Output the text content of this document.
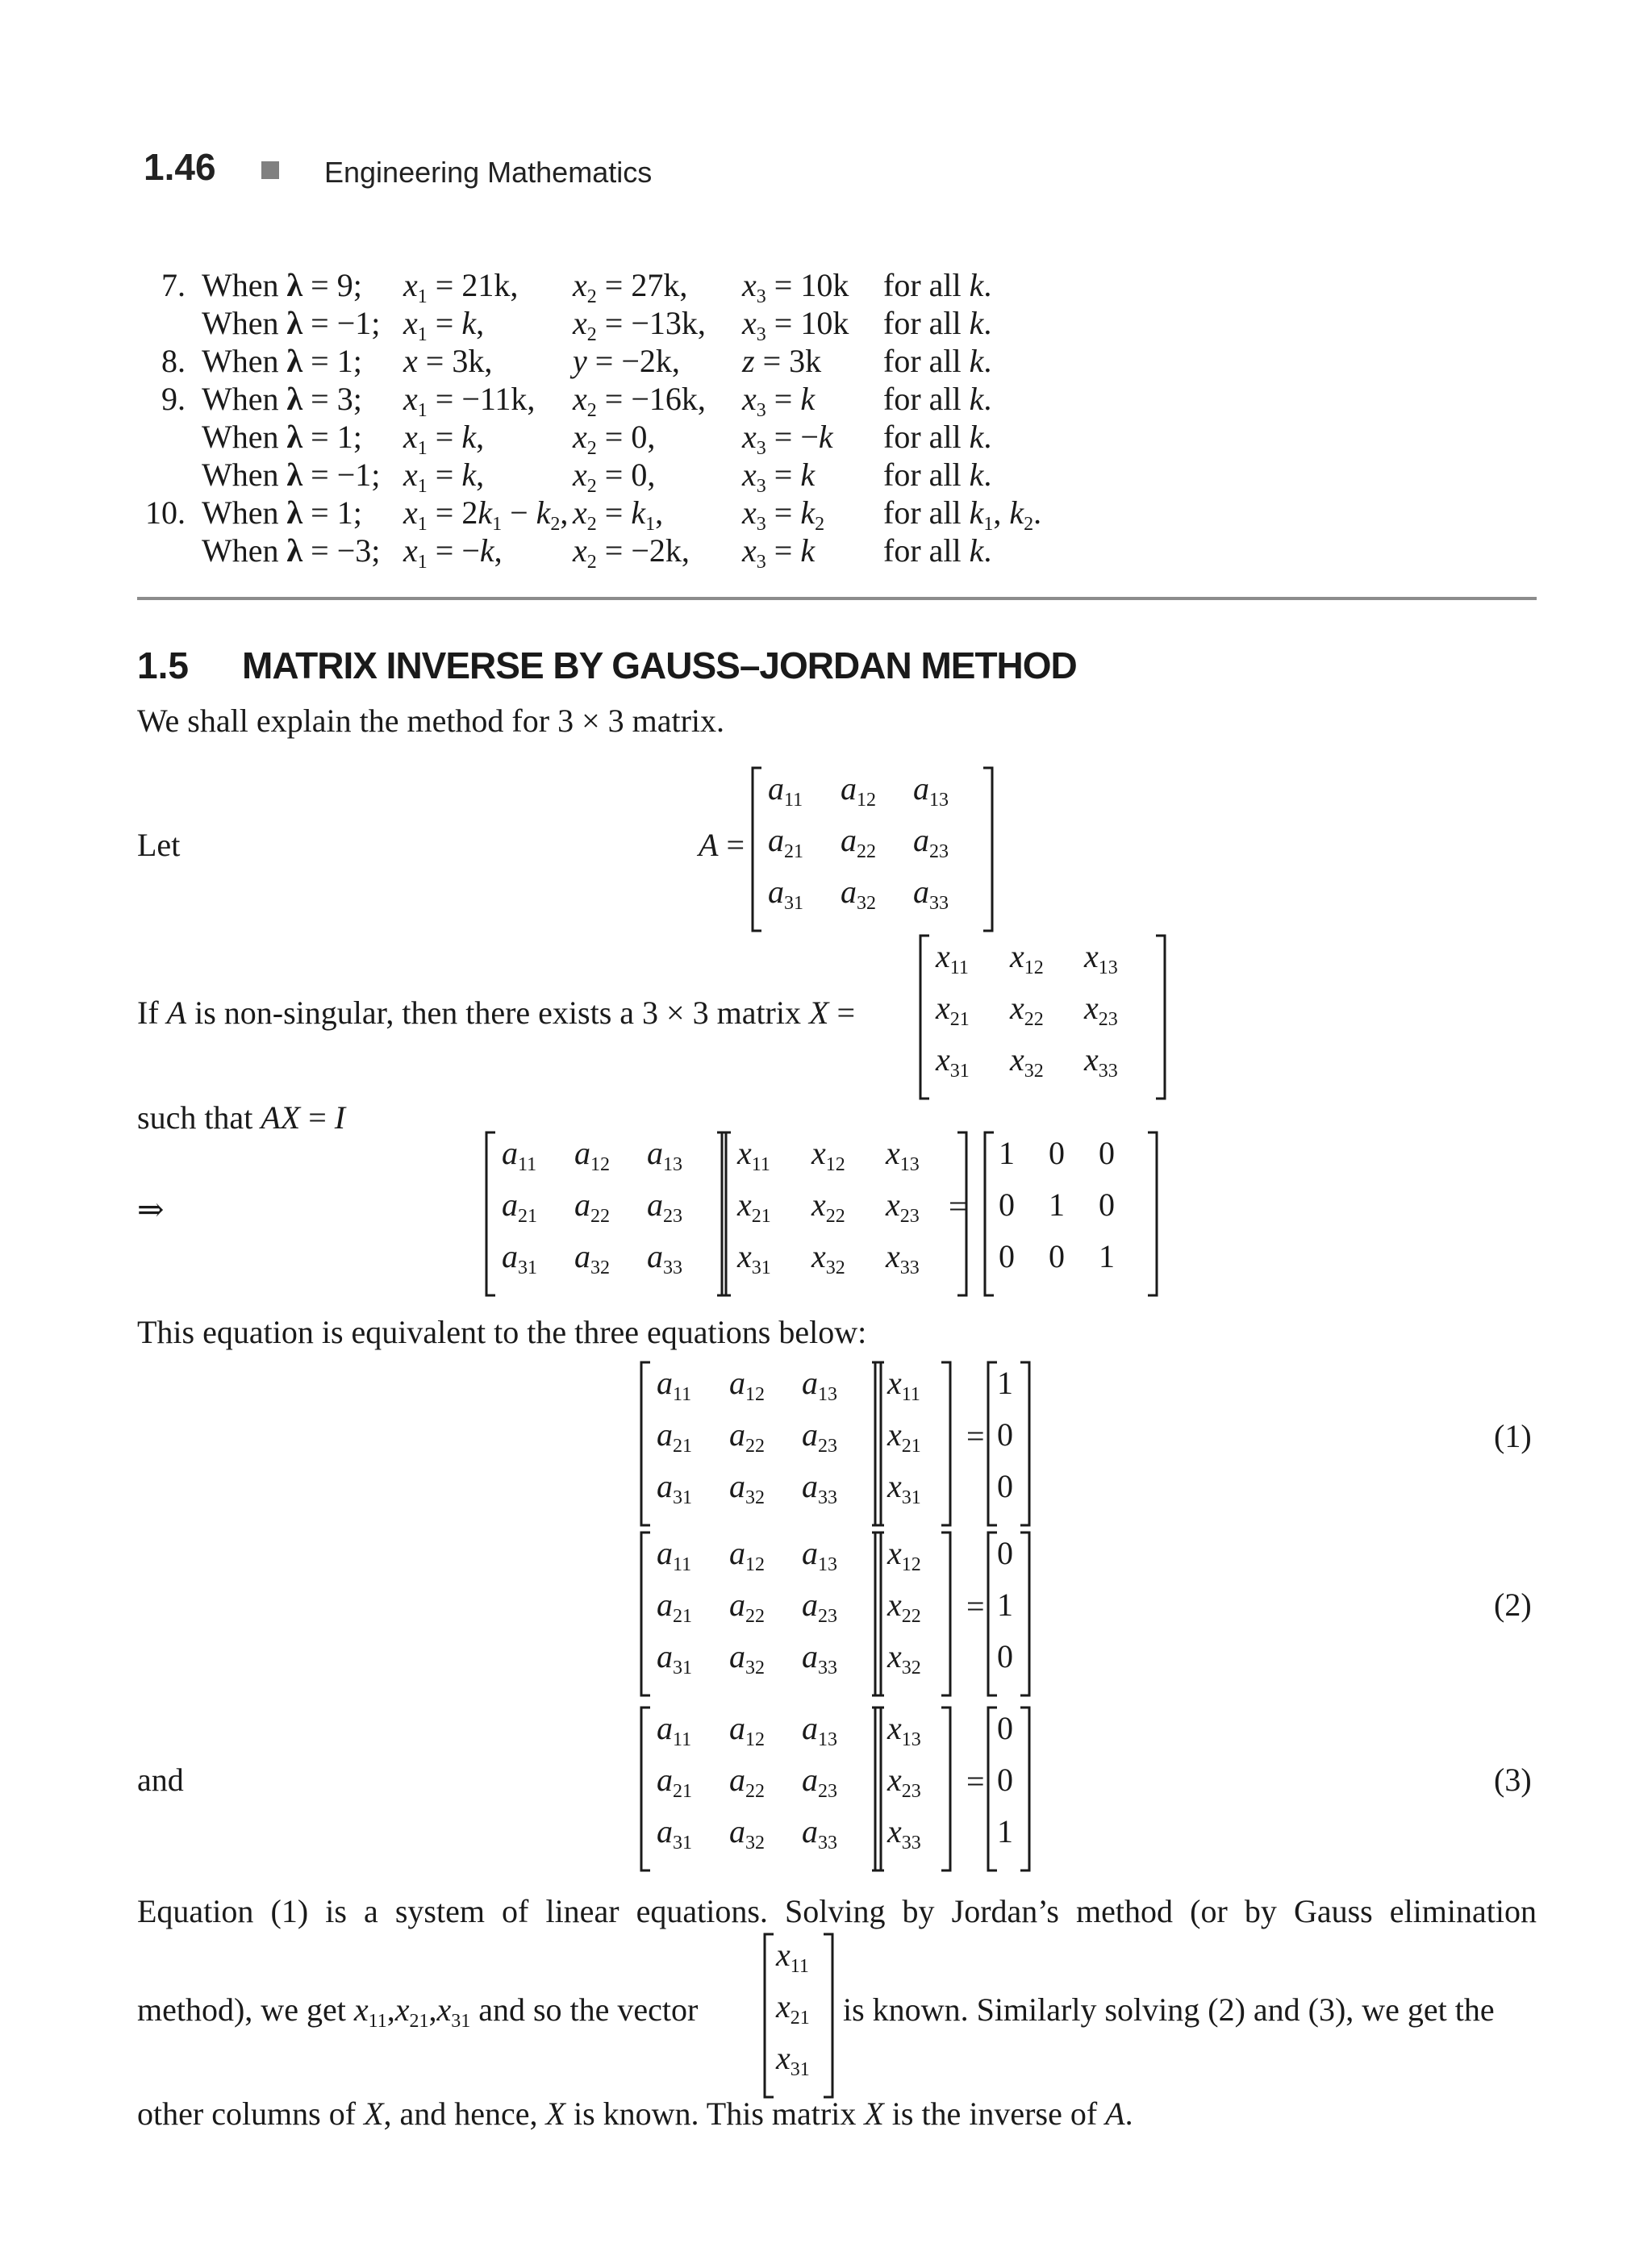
1.46	Engineering Mathematics
7. When λ = 9; $x_1 = 21k$, $x_2 = 27k$, $x_3 = 10k$ for all k.
When λ = −1; $x_1 = k$,	$x_2 = -13k$, $x_3 = 10k$ for all k.
8. When λ = 1; x = 3k, y = −2k, z = 3k for all k.
9. When λ = 3; $x_1 = -11k$, $x_2 = -16k$, $x_3 = k$ for all k.
When λ = 1; $x_1 = k$,	$x_2 = 0$,	$x_3 = -k$ for all k.
When λ = −1; $x_1 = k$,	$x_2 = 0$,	$x_3 = k$ for all k.
10. When λ = 1; $x_1 = 2k_1 - k_2$, $x_2 = k_1$, $x_3 = k_2$ for all $k_1$, $k_2$.
When λ = −3; $x_1 = -k$, $x_2 = -2k$, $x_3 = k$ for all k.
1.5 MATRIX INVERSE BY GAUSS–JORDAN METHOD
We shall explain the method for 3 × 3 matrix.
Let	A =
$a_{11}$ $a_{12}$ $a_{13}$
$a_{21}$ $a_{22}$ $a_{23}$
$a_{31}$ $a_{32}$ $a_{33}$
If A is non-singular, then there exists a 3 × 3 matrix X =
$x_{11}$ $x_{12}$ $x_{13}$
$x_{21}$ $x_{22}$ $x_{23}$
$x_{31}$ $x_{32}$ $x_{33}$
such that AX = I
⇒
$a_{11}$ $a_{12}$ $a_{13}$
$a_{21}$ $a_{22}$ $a_{23}$
$a_{31}$ $a_{32}$ $a_{33}$
$x_{11}$ $x_{12}$ $x_{13}$
$x_{21}$ $x_{22}$ $x_{23}$
$x_{31}$ $x_{32}$ $x_{33}$
=
1 0 0
0 1 0
0 0 1
This equation is equivalent to the three equations below:
$a_{11}$ $a_{12}$ $a_{13}$
$a_{21}$ $a_{22}$ $a_{23}$
$a_{31}$ $a_{32}$ $a_{33}$
$x_{11}$
$x_{21}$
$x_{31}$
=
1
0
0
$a_{11}$ $a_{12}$ $a_{13}$
$a_{21}$ $a_{22}$ $a_{23}$
$a_{31}$ $a_{32}$ $a_{33}$
$x_{12}$
$x_{22}$
$x_{32}$
=
0
1
0
$a_{11}$ $a_{12}$ $a_{13}$
$a_{21}$ $a_{22}$ $a_{23}$
$a_{31}$ $a_{32}$ $a_{33}$
$x_{13}$
$x_{23}$
$x_{33}$
=
0
0
1
(1)
(2)
(3)
and
Equation (1) is a system of linear equations. Solving by Jordan’s method (or by Gauss elimination
method), we get $x_{11},x_{21},x_{31}$ and so the vector
$x_{11}$
$x_{21}$
$x_{31}$
is known. Similarly solving (2) and (3), we get the
other columns of X, and hence, X is known. This matrix X is the inverse of A.
